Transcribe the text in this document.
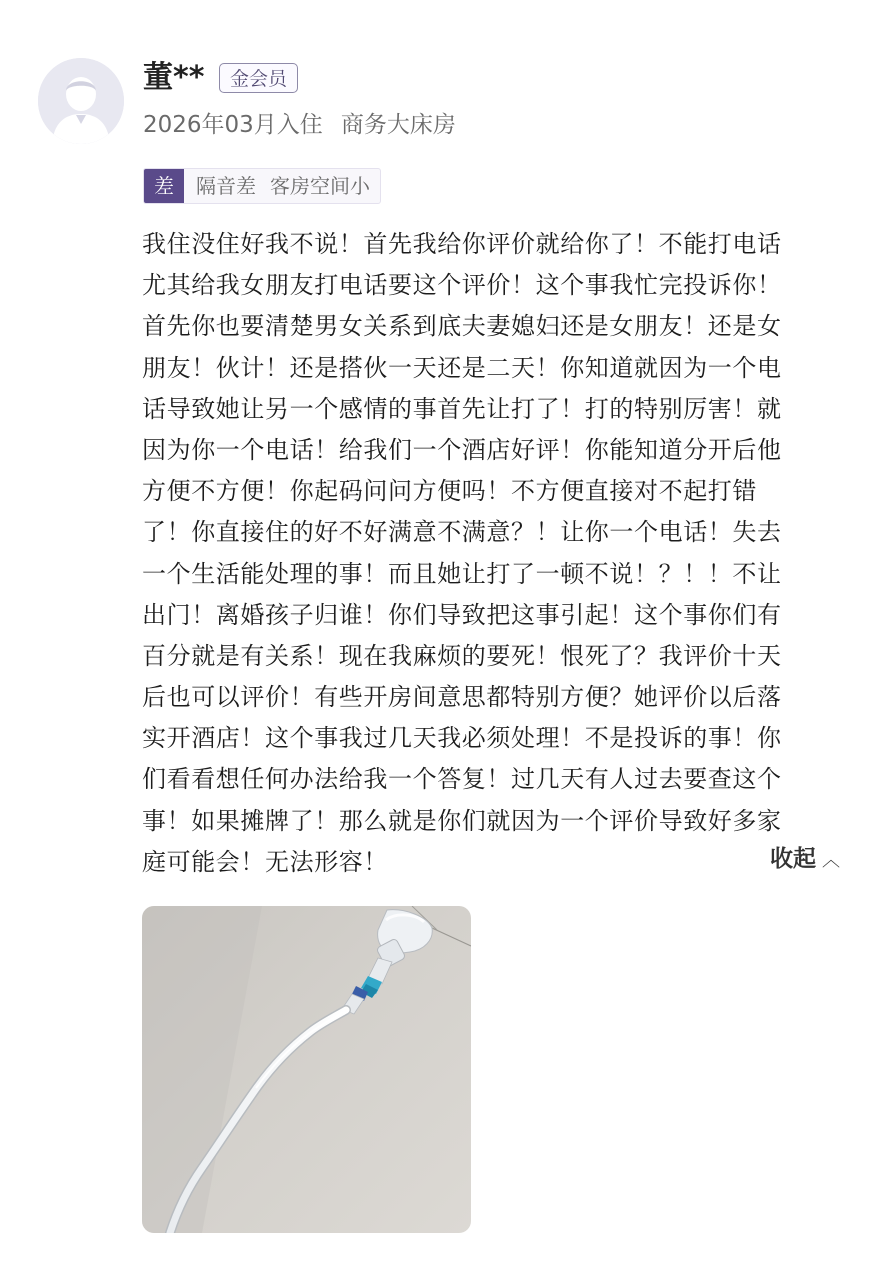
董**	金会员
2026年03月入住 商务大床房
差	隔音差 客房空间小
我住没住好我不说！首先我给你评价就给你了！不能打电话
尤其给我女朋友打电话要这个评价！这个事我忙完投诉你！
首先你也要清楚男女关系到底夫妻媳妇还是女朋友！还是女
朋友！伙计！还是搭伙一天还是二天！你知道就因为一个电
话导致她让另一个感情的事首先让打了！打的特别厉害！就
因为你一个电话！给我们一个酒店好评！你能知道分开后他
方便不方便！你起码问问方便吗！不方便直接对不起打错
了！你直接住的好不好满意不满意？！让你一个电话！失去
一个生活能处理的事！而且她让打了一顿不说！？！！不让
出门！离婚孩子归谁！你们导致把这事引起！这个事你们有
百分就是有关系！现在我麻烦的要死！恨死了？我评价十天
后也可以评价！有些开房间意思都特别方便？她评价以后落
实开酒店！这个事我过几天我必须处理！不是投诉的事！你
们看看想任何办法给我一个答复！过几天有人过去要查这个
事！如果摊牌了！那么就是你们就因为一个评价导致好多家
庭可能会！无法形容！	收起 ︿
